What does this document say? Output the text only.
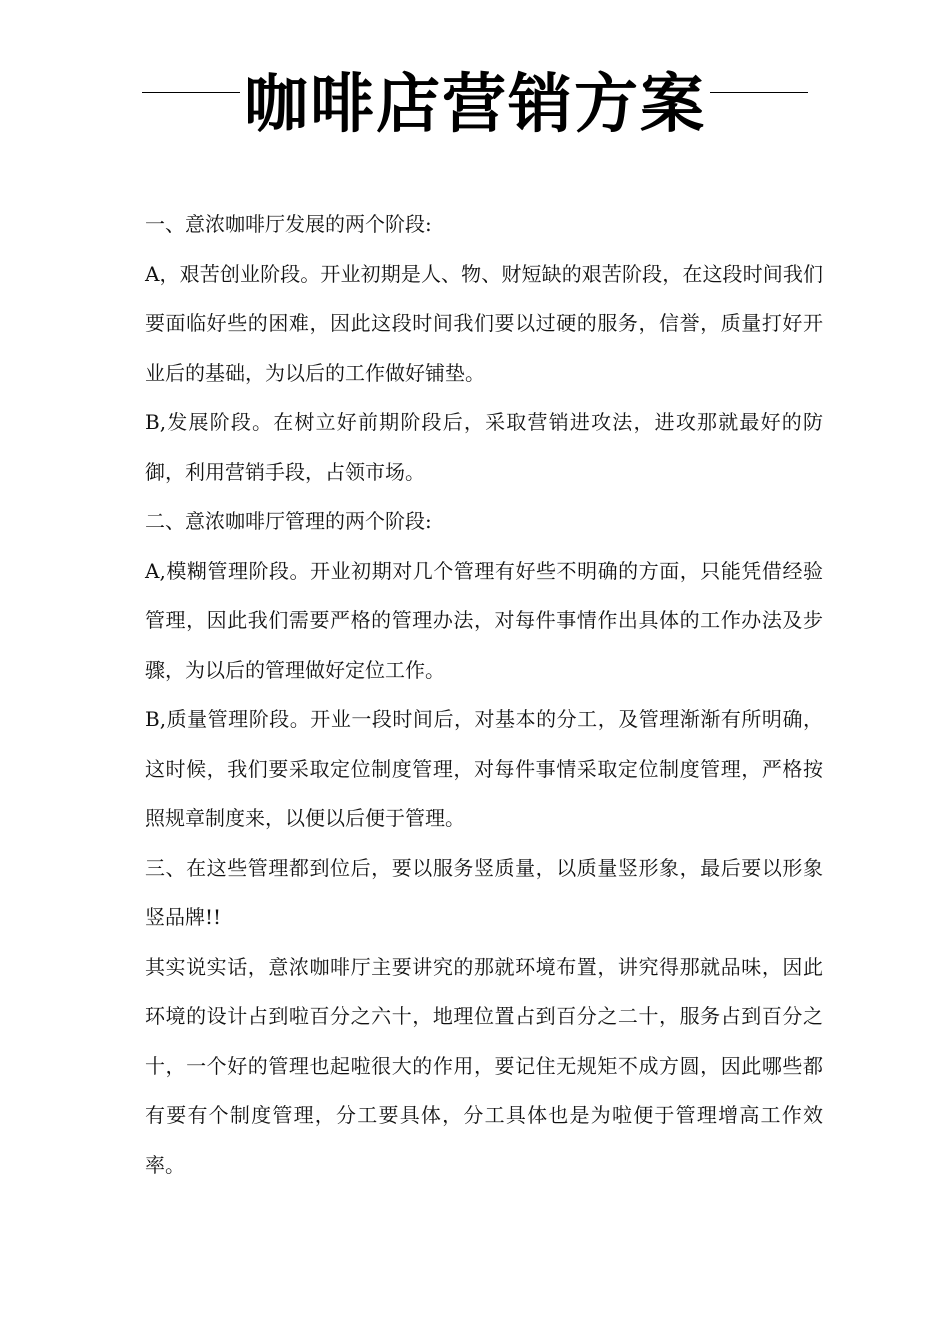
咖啡店营销方案

一、意浓咖啡厅发展的两个阶段:

A，艰苦创业阶段。开业初期是人、物、财短缺的艰苦阶段，在这段时间我们要面临好些的困难，因此这段时间我们要以过硬的服务，信誉，质量打好开业后的基础，为以后的工作做好铺垫。

B,发展阶段。在树立好前期阶段后，采取营销进攻法，进攻那就最好的防御，利用营销手段，占领市场。

二、意浓咖啡厅管理的两个阶段:

A,模糊管理阶段。开业初期对几个管理有好些不明确的方面，只能凭借经验管理，因此我们需要严格的管理办法，对每件事情作出具体的工作办法及步骤，为以后的管理做好定位工作。

B,质量管理阶段。开业一段时间后，对基本的分工，及管理渐渐有所明确，这时候，我们要采取定位制度管理，对每件事情采取定位制度管理，严格按照规章制度来，以便以后便于管理。

三、在这些管理都到位后，要以服务竖质量，以质量竖形象，最后要以形象竖品牌!!

其实说实话，意浓咖啡厅主要讲究的那就环境布置，讲究得那就品味，因此环境的设计占到啦百分之六十，地理位置占到百分之二十，服务占到百分之十，一个好的管理也起啦很大的作用，要记住无规矩不成方圆，因此哪些都有要有个制度管理，分工要具体，分工具体也是为啦便于管理增高工作效率。
